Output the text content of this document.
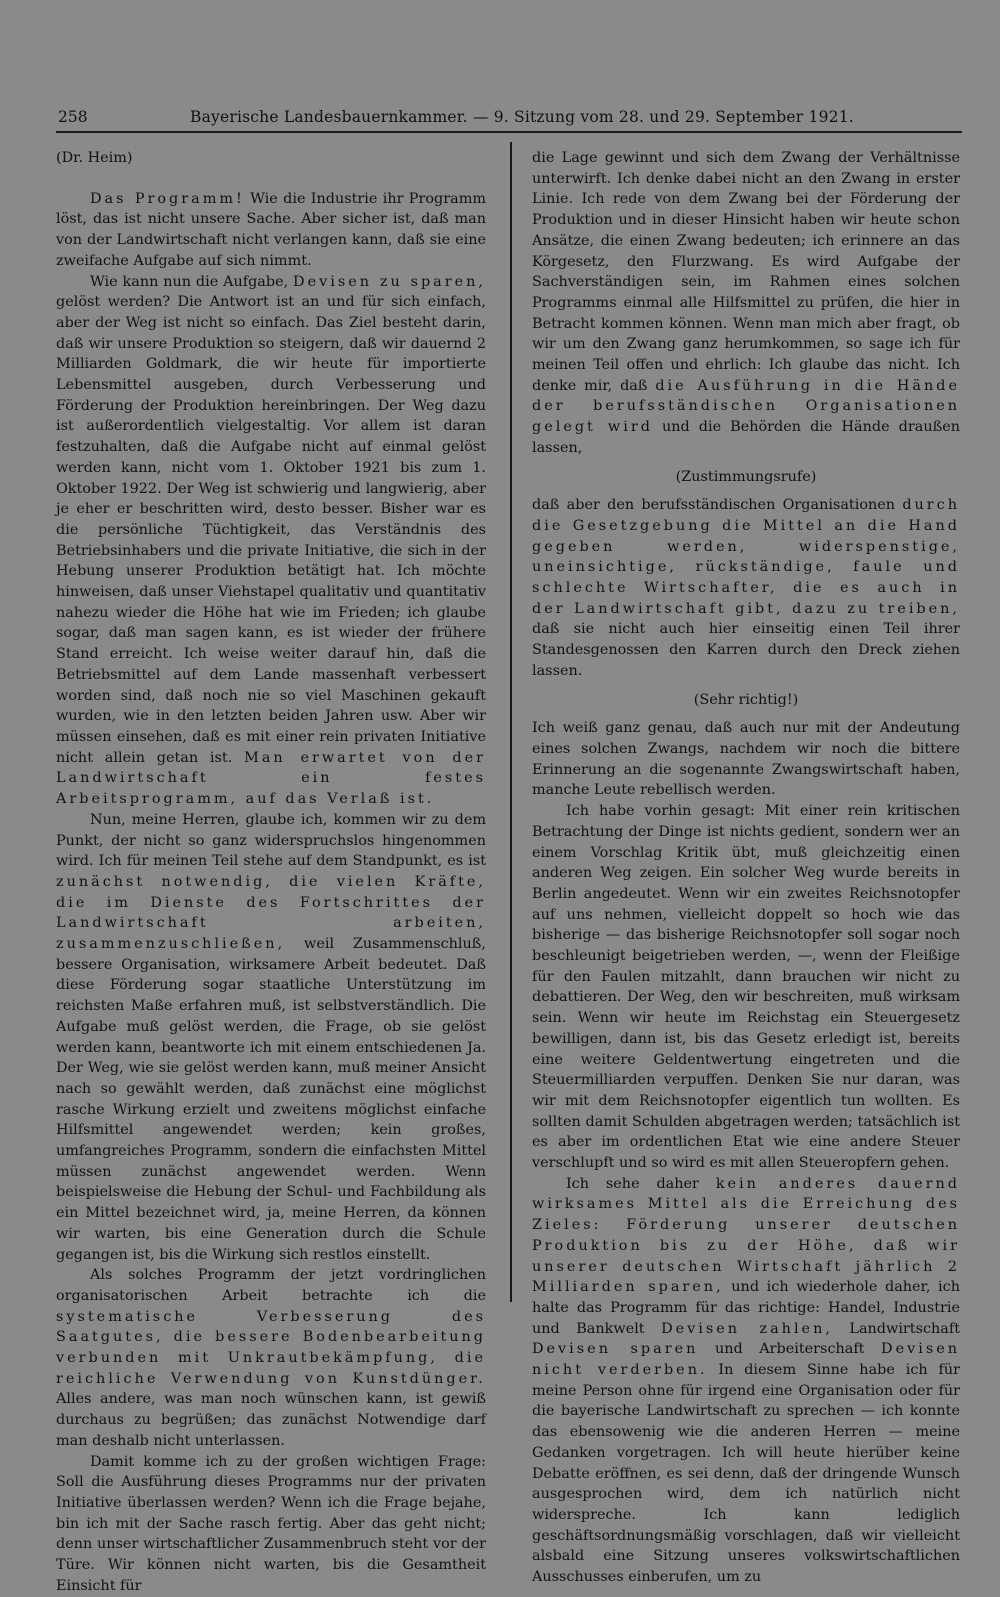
258	Bayerische Landesbauernkammer. — 9. Sitzung vom 28. und 29. September 1921.

(Dr. Heim)

Das Programm! Wie die Industrie ihr Programm löst, das ist nicht unsere Sache. Aber sicher ist, daß man von der Landwirtschaft nicht verlangen kann, daß sie eine zweifache Aufgabe auf sich nimmt.

Wie kann nun die Aufgabe, Devisen zu sparen, gelöst werden? Die Antwort ist an und für sich einfach, aber der Weg ist nicht so einfach. Das Ziel besteht darin, daß wir unsere Produktion so steigern, daß wir dauernd 2 Milliarden Goldmark, die wir heute für importierte Lebensmittel ausgeben, durch Verbesserung und Förderung der Produktion hereinbringen. Der Weg dazu ist außerordentlich vielgestaltig. Vor allem ist daran festzuhalten, daß die Aufgabe nicht auf einmal gelöst werden kann, nicht vom 1. Oktober 1921 bis zum 1. Oktober 1922. Der Weg ist schwierig und langwierig, aber je eher er beschritten wird, desto besser. Bisher war es die persönliche Tüchtigkeit, das Verständnis des Betriebsinhabers und die private Initiative, die sich in der Hebung unserer Produktion betätigt hat. Ich möchte hinweisen, daß unser Viehstapel qualitativ und quantitativ nahezu wieder die Höhe hat wie im Frieden; ich glaube sogar, daß man sagen kann, es ist wieder der frühere Stand erreicht. Ich weise weiter darauf hin, daß die Betriebsmittel auf dem Lande massenhaft verbessert worden sind, daß noch nie so viel Maschinen gekauft wurden, wie in den letzten beiden Jahren usw. Aber wir müssen einsehen, daß es mit einer rein privaten Initiative nicht allein getan ist. Man erwartet von der Landwirtschaft ein festes Arbeitsprogramm, auf das Verlaß ist.

Nun, meine Herren, glaube ich, kommen wir zu dem Punkt, der nicht so ganz widerspruchslos hingenommen wird. Ich für meinen Teil stehe auf dem Standpunkt, es ist zunächst notwendig, die vielen Kräfte, die im Dienste des Fortschrittes der Landwirtschaft arbeiten, zusammenzuschließen, weil Zusammenschluß, bessere Organisation, wirksamere Arbeit bedeutet. Daß diese Förderung sogar staatliche Unterstützung im reichsten Maße erfahren muß, ist selbstverständlich. Die Aufgabe muß gelöst werden, die Frage, ob sie gelöst werden kann, beantworte ich mit einem entschiedenen Ja. Der Weg, wie sie gelöst werden kann, muß meiner Ansicht nach so gewählt werden, daß zunächst eine möglichst rasche Wirkung erzielt und zweitens möglichst einfache Hilfsmittel angewendet werden; kein großes, umfangreiches Programm, sondern die einfachsten Mittel müssen zunächst angewendet werden. Wenn beispielsweise die Hebung der Schul- und Fachbildung als ein Mittel bezeichnet wird, ja, meine Herren, da können wir warten, bis eine Generation durch die Schule gegangen ist, bis die Wirkung sich restlos einstellt.

Als solches Programm der jetzt vordringlichen organisatorischen Arbeit betrachte ich die systematische Verbesserung des Saatgutes, die bessere Bodenbearbeitung verbunden mit Unkrautbekämpfung, die reichliche Verwendung von Kunstdünger. Alles andere, was man noch wünschen kann, ist gewiß durchaus zu begrüßen; das zunächst Notwendige darf man deshalb nicht unterlassen.

Damit komme ich zu der großen wichtigen Frage: Soll die Ausführung dieses Programms nur der privaten Initiative überlassen werden? Wenn ich die Frage bejahe, bin ich mit der Sache rasch fertig. Aber das geht nicht; denn unser wirtschaftlicher Zusammenbruch steht vor der Türe. Wir können nicht warten, bis die Gesamtheit Einsicht für

die Lage gewinnt und sich dem Zwang der Verhältnisse unterwirft. Ich denke dabei nicht an den Zwang in erster Linie. Ich rede von dem Zwang bei der Förderung der Produktion und in dieser Hinsicht haben wir heute schon Ansätze, die einen Zwang bedeuten; ich erinnere an das Körgesetz, den Flurzwang. Es wird Aufgabe der Sachverständigen sein, im Rahmen eines solchen Programms einmal alle Hilfsmittel zu prüfen, die hier in Betracht kommen können. Wenn man mich aber fragt, ob wir um den Zwang ganz herumkommen, so sage ich für meinen Teil offen und ehrlich: Ich glaube das nicht. Ich denke mir, daß die Ausführung in die Hände der berufsständischen Organisationen gelegt wird und die Behörden die Hände draußen lassen,

(Zustimmungsrufe)

daß aber den berufsständischen Organisationen durch die Gesetzgebung die Mittel an die Hand gegeben werden, widerspenstige, uneinsichtige, rückständige, faule und schlechte Wirtschafter, die es auch in der Landwirtschaft gibt, dazu zu treiben, daß sie nicht auch hier einseitig einen Teil ihrer Standesgenossen den Karren durch den Dreck ziehen lassen.

(Sehr richtig!)

Ich weiß ganz genau, daß auch nur mit der Andeutung eines solchen Zwangs, nachdem wir noch die bittere Erinnerung an die sogenannte Zwangswirtschaft haben, manche Leute rebellisch werden.

Ich habe vorhin gesagt: Mit einer rein kritischen Betrachtung der Dinge ist nichts gedient, sondern wer an einem Vorschlag Kritik übt, muß gleichzeitig einen anderen Weg zeigen. Ein solcher Weg wurde bereits in Berlin angedeutet. Wenn wir ein zweites Reichsnotopfer auf uns nehmen, vielleicht doppelt so hoch wie das bisherige — das bisherige Reichsnotopfer soll sogar noch beschleunigt beigetrieben werden, —, wenn der Fleißige für den Faulen mitzahlt, dann brauchen wir nicht zu debattieren. Der Weg, den wir beschreiten, muß wirksam sein. Wenn wir heute im Reichstag ein Steuergesetz bewilligen, dann ist, bis das Gesetz erledigt ist, bereits eine weitere Geldentwertung eingetreten und die Steuermilliarden verpuffen. Denken Sie nur daran, was wir mit dem Reichsnotopfer eigentlich tun wollten. Es sollten damit Schulden abgetragen werden; tatsächlich ist es aber im ordentlichen Etat wie eine andere Steuer verschlupft und so wird es mit allen Steueropfern gehen.

Ich sehe daher kein anderes dauernd wirksames Mittel als die Erreichung des Zieles: Förderung unserer deutschen Produktion bis zu der Höhe, daß wir unserer deutschen Wirtschaft jährlich 2 Milliarden sparen, und ich wiederhole daher, ich halte das Programm für das richtige: Handel, Industrie und Bankwelt Devisen zahlen, Landwirtschaft Devisen sparen und Arbeiterschaft Devisen nicht verderben. In diesem Sinne habe ich für meine Person ohne für irgend eine Organisation oder für die bayerische Landwirtschaft zu sprechen — ich konnte das ebensowenig wie die anderen Herren — meine Gedanken vorgetragen. Ich will heute hierüber keine Debatte eröffnen, es sei denn, daß der dringende Wunsch ausgesprochen wird, dem ich natürlich nicht widerspreche. Ich kann lediglich geschäftsordnungsmäßig vorschlagen, daß wir vielleicht alsbald eine Sitzung unseres volkswirtschaftlichen Ausschusses einberufen, um zu
